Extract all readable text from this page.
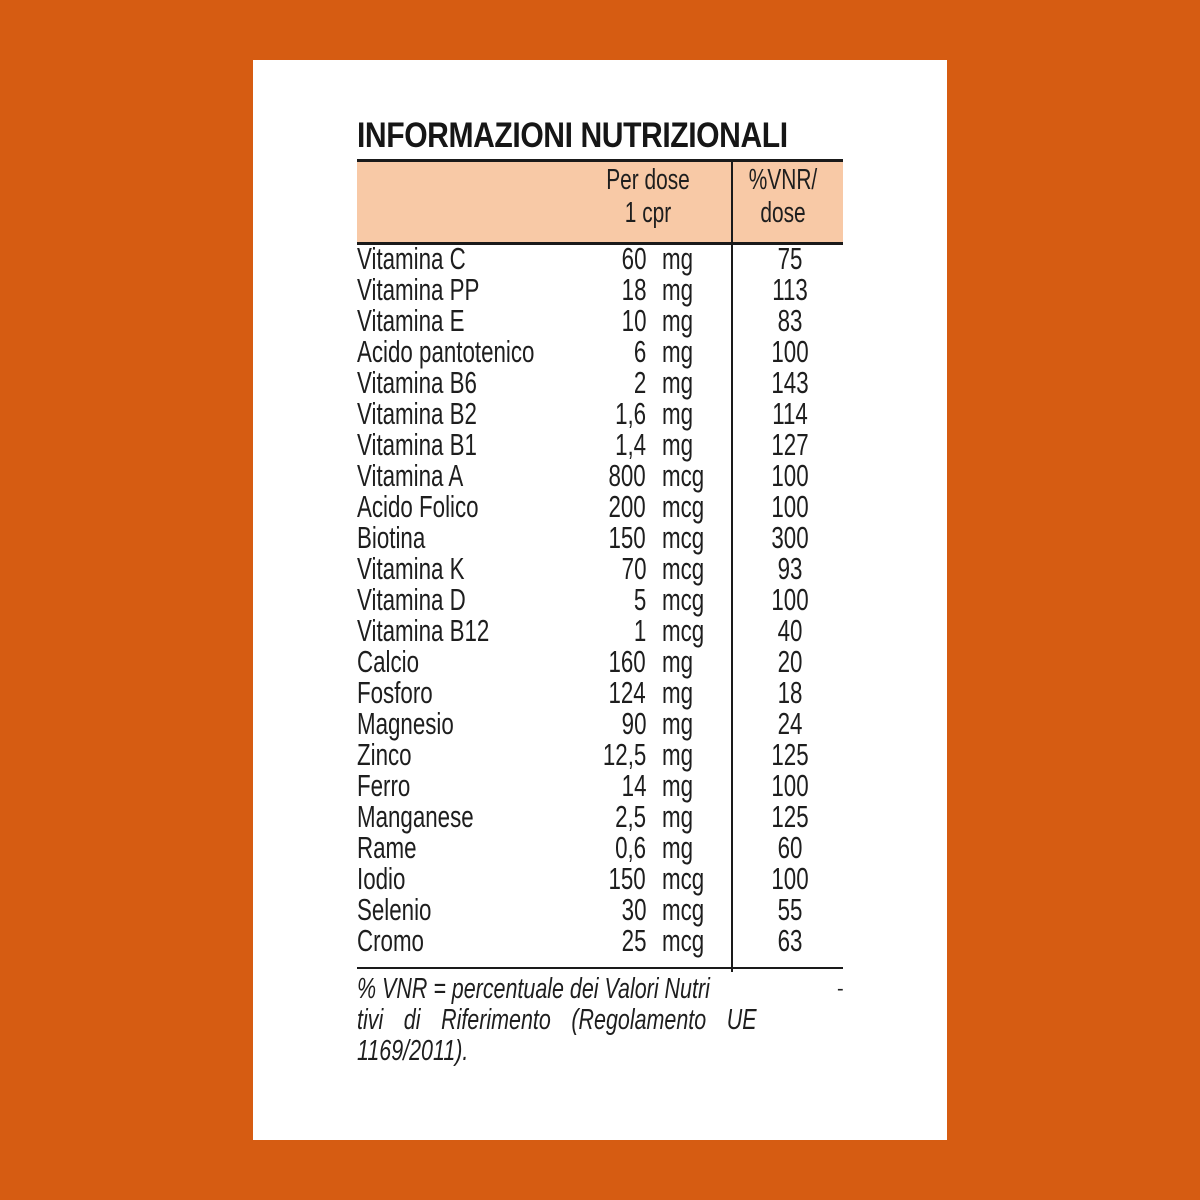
INFORMAZIONI NUTRIZIONALI
Per dose
1 cpr
%VNR/
dose
Vitamina C	60 mg	75
Vitamina PP	18 mg	113
Vitamina E	10 mg	83
Acido pantotenico	6 mg	100
Vitamina B6	2 mg	143
Vitamina B2	1,6 mg	114
Vitamina B1	1,4 mg	127
Vitamina A	800 mcg	100
Acido Folico	200 mcg	100
Biotina	150 mcg	300
Vitamina K	70 mcg	93
Vitamina D	5 mcg	100
Vitamina B12	1 mcg	40
Calcio	160 mg	20
Fosforo	124 mg	18
Magnesio	90 mg	24
Zinco	12,5 mg	125
Ferro	14 mg	100
Manganese	2,5 mg	125
Rame	0,6 mg	60
Iodio	150 mcg	100
Selenio	30 mcg	55
Cromo	25 mcg	63
% VNR = percentuale dei Valori Nutri
tivi di Riferimento (Regolamento UE
1169/2011).
-
